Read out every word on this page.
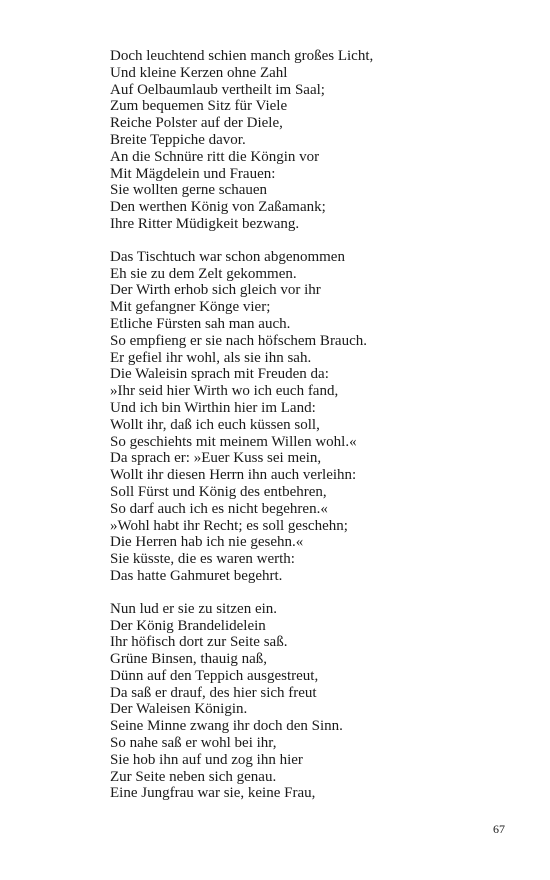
Doch leuchtend schien manch großes Licht,
Und kleine Kerzen ohne Zahl
Auf Oelbaumlaub vertheilt im Saal;
Zum bequemen Sitz für Viele
Reiche Polster auf der Diele,
Breite Teppiche davor.
An die Schnüre ritt die Köngin vor
Mit Mägdelein und Frauen:
Sie wollten gerne schauen
Den werthen König von Zaßamank;
Ihre Ritter Müdigkeit bezwang.
Das Tischtuch war schon abgenommen
Eh sie zu dem Zelt gekommen.
Der Wirth erhob sich gleich vor ihr
Mit gefangner Könge vier;
Etliche Fürsten sah man auch.
So empfieng er sie nach höfschem Brauch.
Er gefiel ihr wohl, als sie ihn sah.
Die Waleisin sprach mit Freuden da:
»Ihr seid hier Wirth wo ich euch fand,
Und ich bin Wirthin hier im Land:
Wollt ihr, daß ich euch küssen soll,
So geschiehts mit meinem Willen wohl.«
Da sprach er: »Euer Kuss sei mein,
Wollt ihr diesen Herrn ihn auch verleihn:
Soll Fürst und König des entbehren,
So darf auch ich es nicht begehren.«
»Wohl habt ihr Recht; es soll geschehn;
Die Herren hab ich nie gesehn.«
Sie küsste, die es waren werth:
Das hatte Gahmuret begehrt.
Nun lud er sie zu sitzen ein.
Der König Brandelidelein
Ihr höfisch dort zur Seite saß.
Grüne Binsen, thauig naß,
Dünn auf den Teppich ausgestreut,
Da saß er drauf, des hier sich freut
Der Waleisen Königin.
Seine Minne zwang ihr doch den Sinn.
So nahe saß er wohl bei ihr,
Sie hob ihn auf und zog ihn hier
Zur Seite neben sich genau.
Eine Jungfrau war sie, keine Frau,
67
